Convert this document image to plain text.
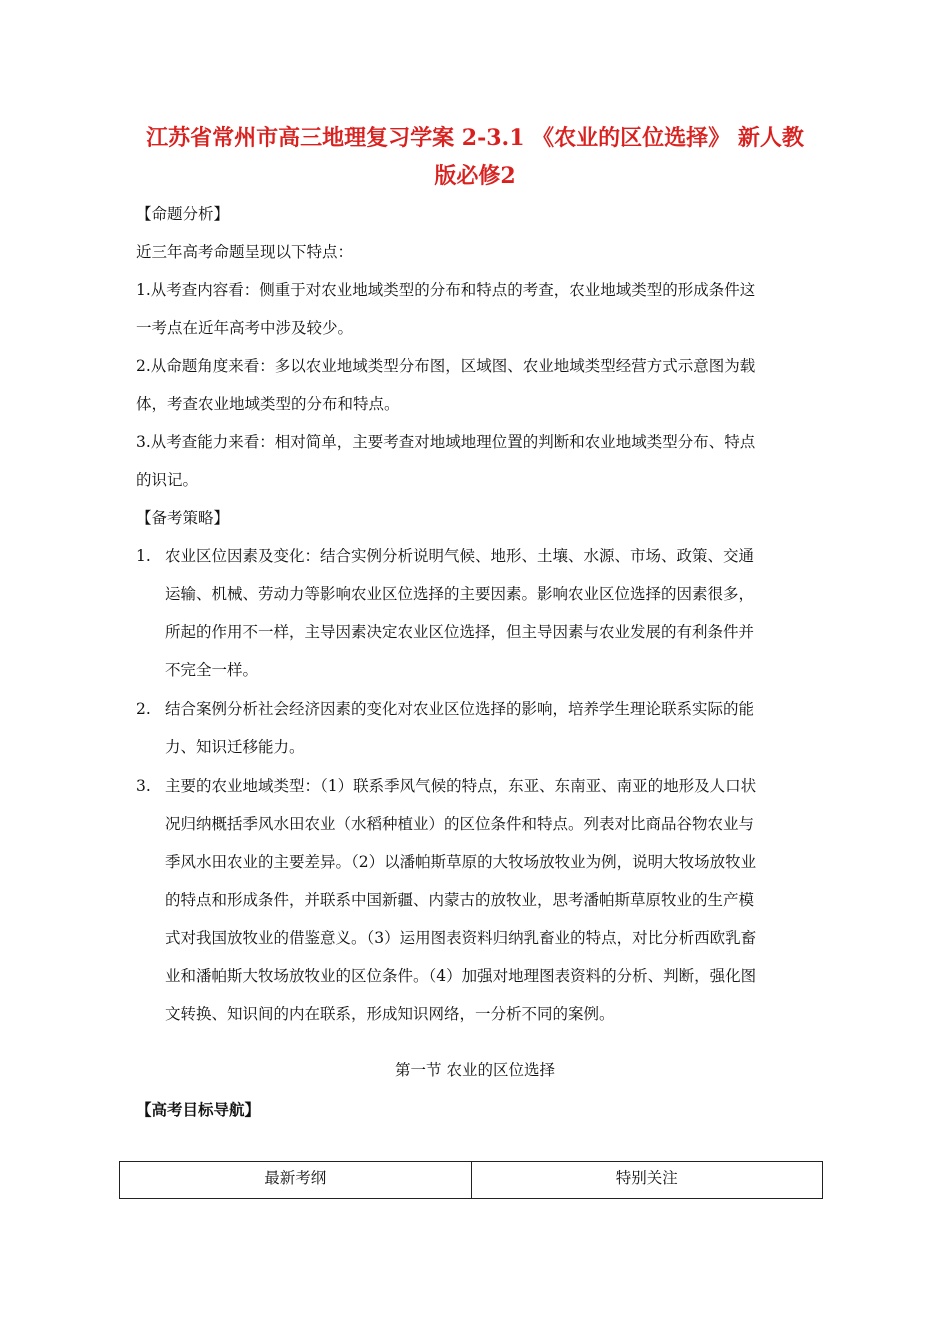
江苏省常州市高三地理复习学案 2-3.1 《农业的区位选择》 新人教
版必修2
【命题分析】
近三年高考命题呈现以下特点：
1.从考查内容看：侧重于对农业地域类型的分布和特点的考查，农业地域类型的形成条件这
一考点在近年高考中涉及较少。
2.从命题角度来看：多以农业地域类型分布图，区域图、农业地域类型经营方式示意图为载
体，考查农业地域类型的分布和特点。
3.从考查能力来看：相对简单，主要考查对地域地理位置的判断和农业地域类型分布、特点
的识记。
【备考策略】
1. 农业区位因素及变化：结合实例分析说明气候、地形、土壤、水源、市场、政策、交通
运输、机械、劳动力等影响农业区位选择的主要因素。影响农业区位选择的因素很多，
所起的作用不一样，主导因素决定农业区位选择，但主导因素与农业发展的有利条件并
不完全一样。
2. 结合案例分析社会经济因素的变化对农业区位选择的影响，培养学生理论联系实际的能
力、知识迁移能力。
3. 主要的农业地域类型：（1）联系季风气候的特点，东亚、东南亚、南亚的地形及人口状
况归纳概括季风水田农业（水稻种植业）的区位条件和特点。列表对比商品谷物农业与
季风水田农业的主要差异。（2）以潘帕斯草原的大牧场放牧业为例，说明大牧场放牧业
的特点和形成条件，并联系中国新疆、内蒙古的放牧业，思考潘帕斯草原牧业的生产模
式对我国放牧业的借鉴意义。（3）运用图表资料归纳乳畜业的特点，对比分析西欧乳畜
业和潘帕斯大牧场放牧业的区位条件。（4）加强对地理图表资料的分析、判断，强化图
文转换、知识间的内在联系，形成知识网络，一分析不同的案例。
第一节 农业的区位选择
【高考目标导航】
最新考纲	特别关注
